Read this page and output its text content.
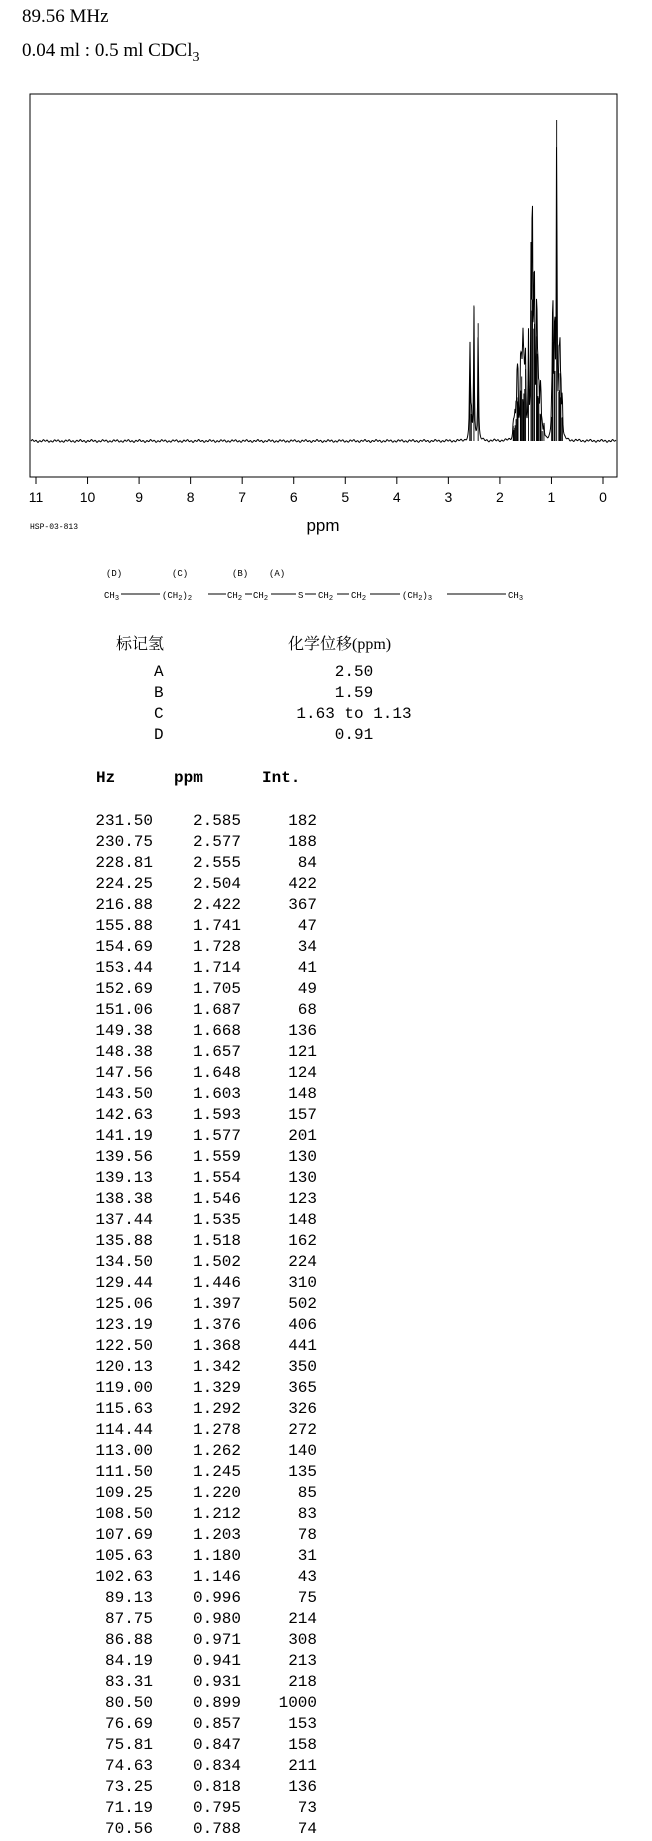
89.56 MHz
0.04 ml : 0.5 ml CDCl$_3$
11	10	9	8	7	6	5	4	3	2	1	0
ppm
(D)	(C)	(B) (A)
$CH_3$	$(CH_2)_2$	$CH_2$ $CH_2$	S $CH_2$ $CH_2$	$(CH_2)_3$	$CH_3$
HSP-03-813
标记氢	化学位移(ppm)
A	2.50
B	1.59
C	1.63 to 1.13
D	0.91
Hz	ppm	Int.
231.50	2.585	182
230.75	2.577	188
228.81	2.555	84
224.25	2.504	422
216.88	2.422	367
155.88	1.741	47
154.69	1.728	34
153.44	1.714	41
152.69	1.705	49
151.06	1.687	68
149.38	1.668	136
148.38	1.657	121
147.56	1.648	124
143.50	1.603	148
142.63	1.593	157
141.19	1.577	201
139.56	1.559	130
139.13	1.554	130
138.38	1.546	123
137.44	1.535	148
135.88	1.518	162
134.50	1.502	224
129.44	1.446	310
125.06	1.397	502
123.19	1.376	406
122.50	1.368	441
120.13	1.342	350
119.00	1.329	365
115.63	1.292	326
114.44	1.278	272
113.00	1.262	140
111.50	1.245	135
109.25	1.220	85
108.50	1.212	83
107.69	1.203	78
105.63	1.180	31
102.63	1.146	43
89.13	0.996	75
87.75	0.980	214
86.88	0.971	308
84.19	0.941	213
83.31	0.931	218
80.50	0.899	1000
76.69	0.857	153
75.81	0.847	158
74.63	0.834	211
73.25	0.818	136
71.19	0.795	73
70.56	0.788	74
